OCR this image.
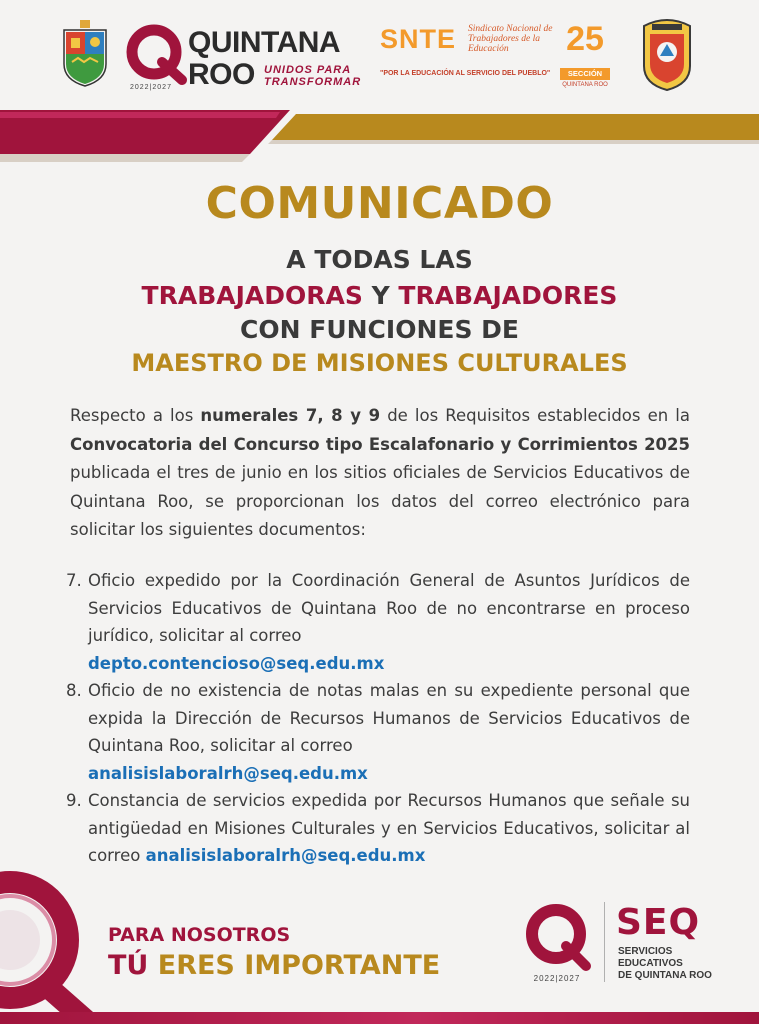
QUINTANA
ROO UNIDOS PARA
TRANSFORMAR
2022|2027
SNTE Sindicato Nacional de Trabajadores de la Educación
"POR LA EDUCACIÓN AL SERVICIO DEL PUEBLO"
25
SECCIÓN
QUINTANA ROO
COMUNICADO
A TODAS LAS
TRABAJADORAS Y TRABAJADORES
CON FUNCIONES DE
MAESTRO DE MISIONES CULTURALES

Respecto a los numerales 7, 8 y 9 de los Requisitos establecidos en la Convocatoria del Concurso tipo Escalafonario y Corrimientos 2025 publicada el tres de junio en los sitios oficiales de Servicios Educativos de Quintana Roo, se proporcionan los datos del correo electrónico para solicitar los siguientes documentos:

7. Oficio expedido por la Coordinación General de Asuntos Jurídicos de Servicios Educativos de Quintana Roo de no encontrarse en proceso jurídico, solicitar al correo
depto.contencioso@seq.edu.mx
8. Oficio de no existencia de notas malas en su expediente personal que expida la Dirección de Recursos Humanos de Servicios Educativos de Quintana Roo, solicitar al correo
analisislaboralrh@seq.edu.mx
9. Constancia de servicios expedida por Recursos Humanos que señale su antigüedad en Misiones Culturales y en Servicios Educativos, solicitar al correo analisislaboralrh@seq.edu.mx
PARA NOSOTROS
TÚ ERES IMPORTANTE	2022|2027
SEQ
SERVICIOS
EDUCATIVOS
DE QUINTANA ROO
